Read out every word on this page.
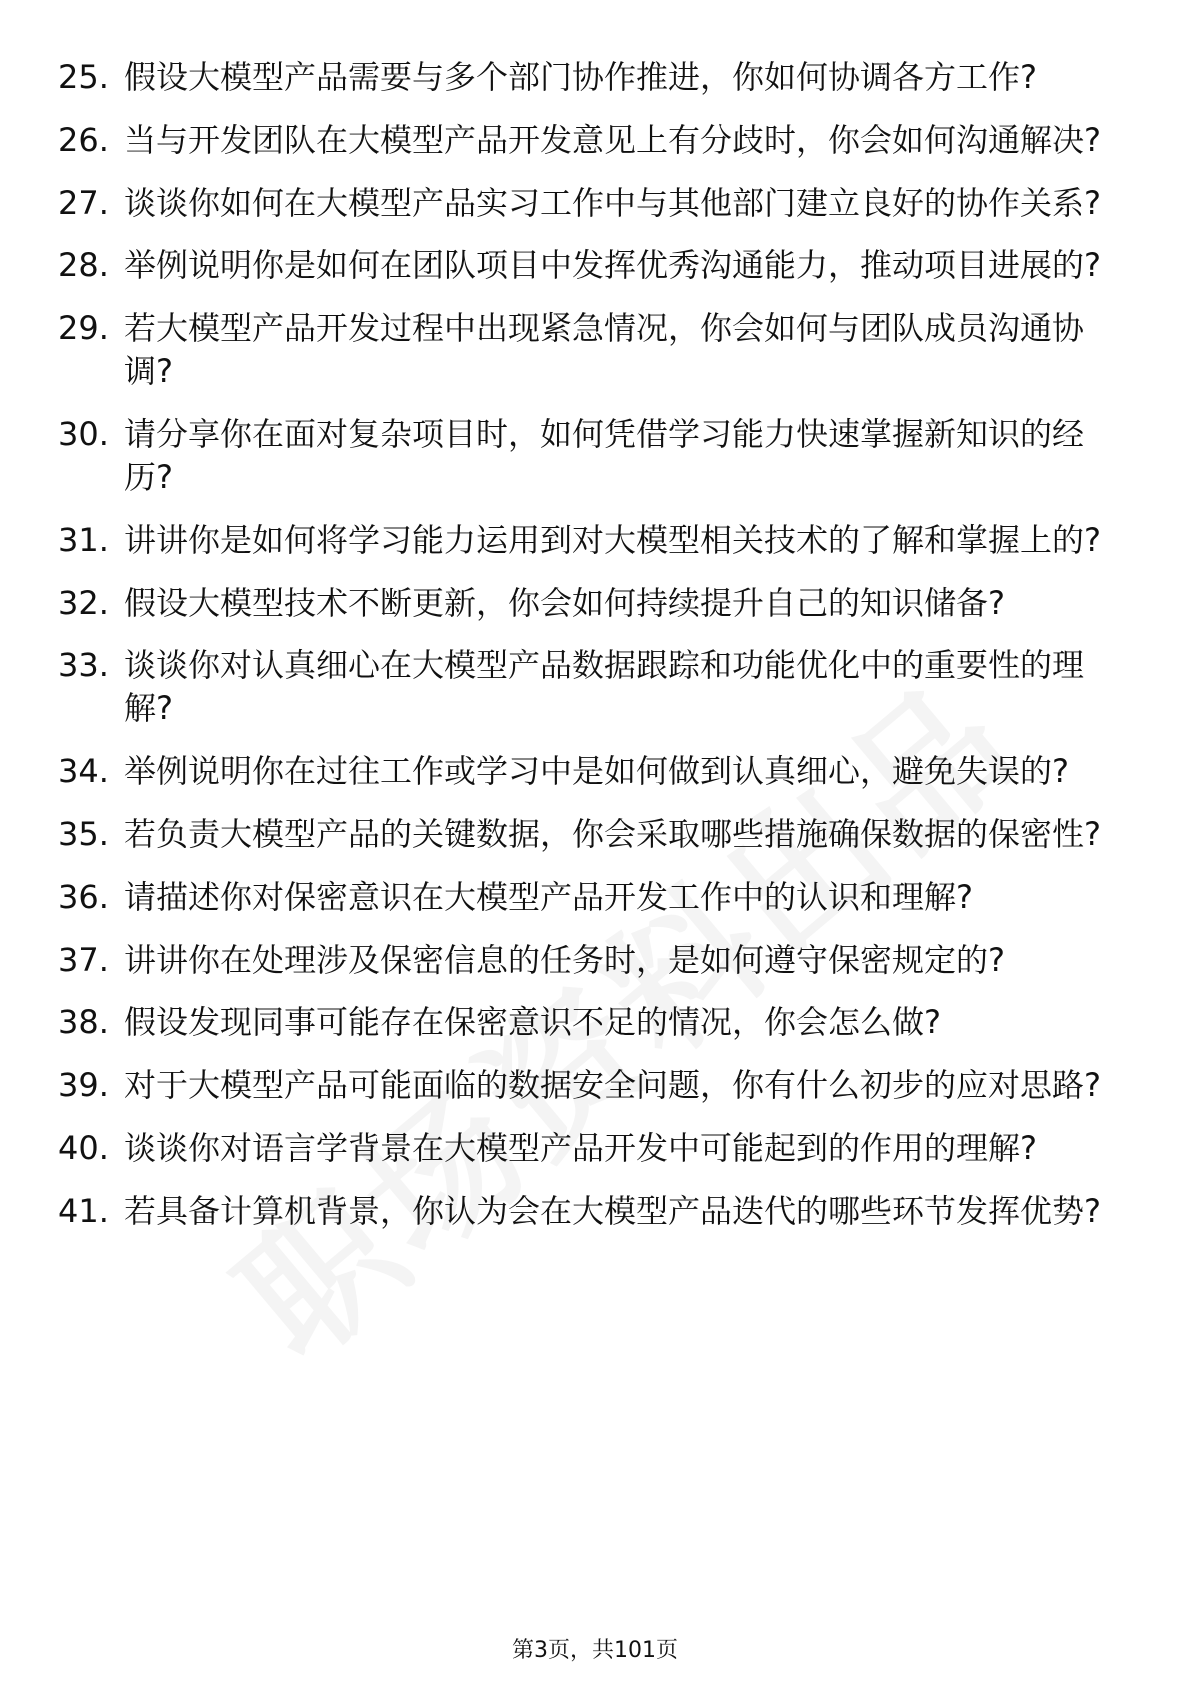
25. 假设大模型产品需要与多个部门协作推进，你如何协调各方工作?
26. 当与开发团队在大模型产品开发意见上有分歧时，你会如何沟通解决?
27. 谈谈你如何在大模型产品实习工作中与其他部门建立良好的协作关系?
28. 举例说明你是如何在团队项目中发挥优秀沟通能力，推动项目进展的?
29. 若大模型产品开发过程中出现紧急情况，你会如何与团队成员沟通协调?
30. 请分享你在面对复杂项目时，如何凭借学习能力快速掌握新知识的经历?
31. 讲讲你是如何将学习能力运用到对大模型相关技术的了解和掌握上的?
32. 假设大模型技术不断更新，你会如何持续提升自己的知识储备?
33. 谈谈你对认真细心在大模型产品数据跟踪和功能优化中的重要性的理解?
34. 举例说明你在过往工作或学习中是如何做到认真细心，避免失误的?
35. 若负责大模型产品的关键数据，你会采取哪些措施确保数据的保密性?
36. 请描述你对保密意识在大模型产品开发工作中的认识和理解?
37. 讲讲你在处理涉及保密信息的任务时，是如何遵守保密规定的?
38. 假设发现同事可能存在保密意识不足的情况，你会怎么做?
39. 对于大模型产品可能面临的数据安全问题，你有什么初步的应对思路?
40. 谈谈你对语言学背景在大模型产品开发中可能起到的作用的理解?
41. 若具备计算机背景，你认为会在大模型产品迭代的哪些环节发挥优势?
第3页，共101页
